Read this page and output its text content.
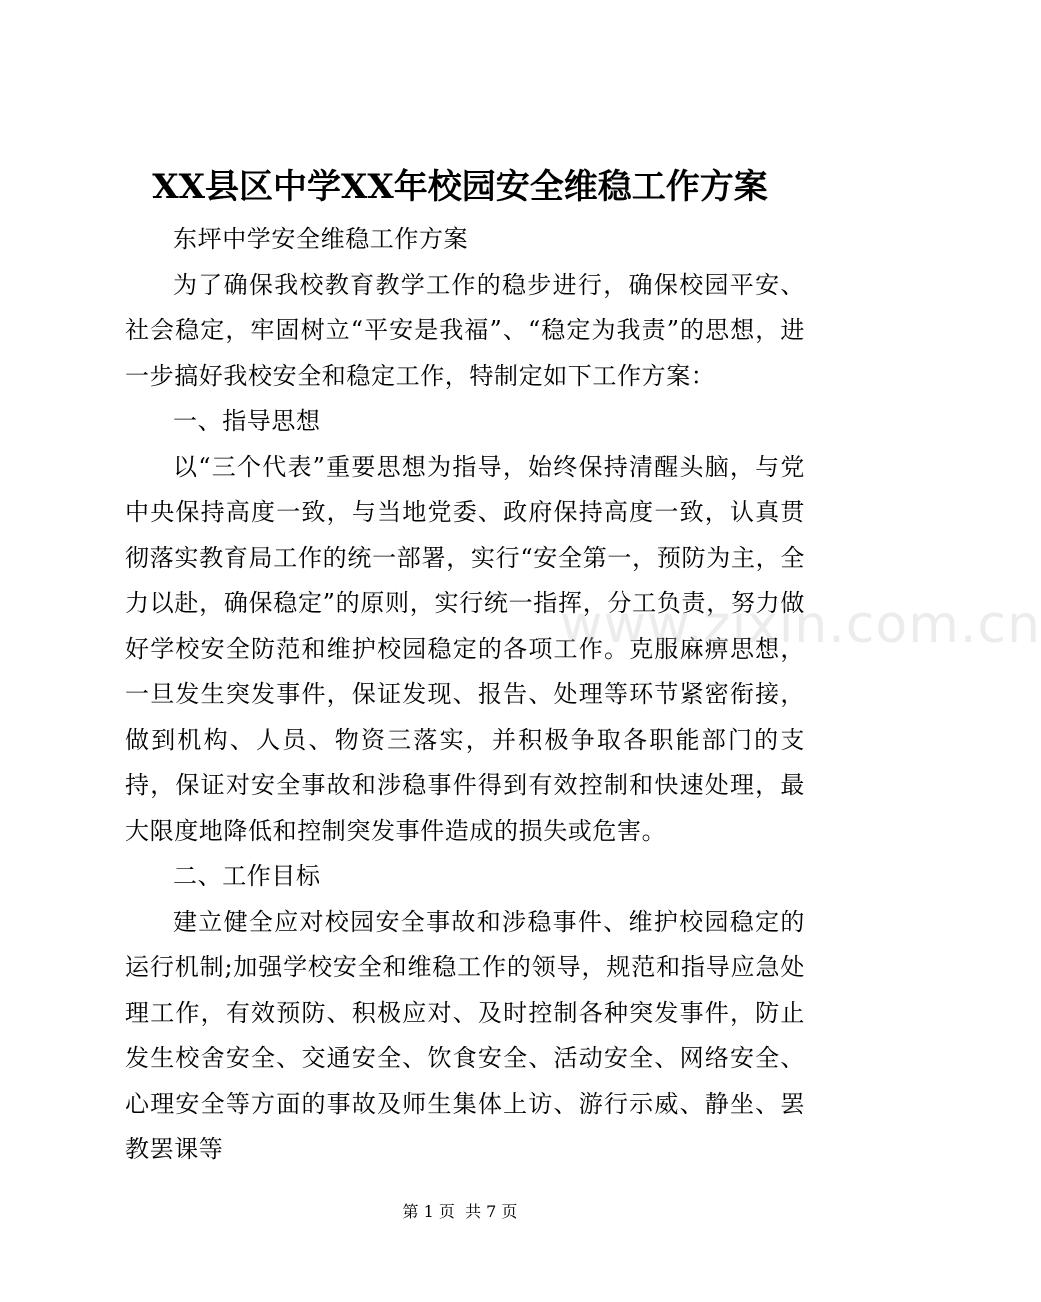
XX县区中学XX年校园安全维稳工作方案

东坪中学安全维稳工作方案

为了确保我校教育教学工作的稳步进行，确保校园平安、社会稳定，牢固树立“平安是我福”、“稳定为我责”的思想，进一步搞好我校安全和稳定工作，特制定如下工作方案：

一、指导思想

以“三个代表”重要思想为指导，始终保持清醒头脑，与党中央保持高度一致，与当地党委、政府保持高度一致，认真贯彻落实教育局工作的统一部署，实行“安全第一，预防为主，全力以赴，确保稳定”的原则，实行统一指挥，分工负责，努力做好学校安全防范和维护校园稳定的各项工作。克服麻痹思想，一旦发生突发事件，保证发现、报告、处理等环节紧密衔接，做到机构、人员、物资三落实，并积极争取各职能部门的支持，保证对安全事故和涉稳事件得到有效控制和快速处理，最大限度地降低和控制突发事件造成的损失或危害。

二、工作目标

建立健全应对校园安全事故和涉稳事件、维护校园稳定的运行机制;加强学校安全和维稳工作的领导，规范和指导应急处理工作，有效预防、积极应对、及时控制各种突发事件，防止发生校舍安全、交通安全、饮食安全、活动安全、网络安全、心理安全等方面的事故及师生集体上访、游行示威、静坐、罢教罢课等

www.zixin.com.cn
第 1 页  共 7 页
